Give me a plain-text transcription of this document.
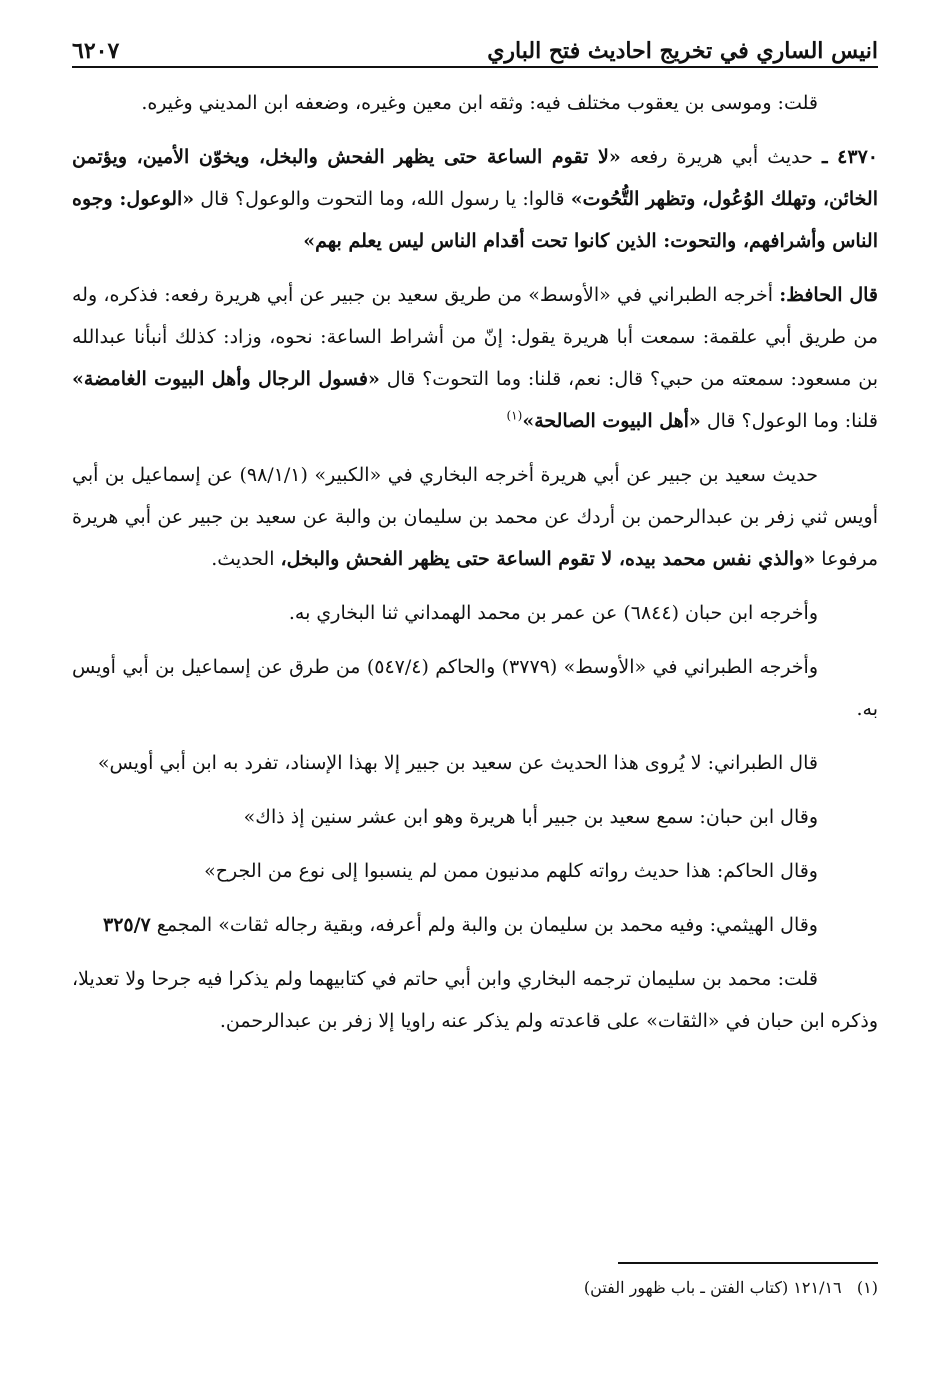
انيس الساري في تخريج احاديث فتح الباري
٦٢٠٧

قلت: وموسى بن يعقوب مختلف فيه: وثقه ابن معين وغيره، وضعفه ابن المديني وغيره.

٤٣٧٠ ـ حديث أبي هريرة رفعه «لا تقوم الساعة حتى يظهر الفحش والبخل، ويخوّن الأمين، ويؤتمن الخائن، وتهلك الوُعُول، وتظهر التُّحُوت» قالوا: يا رسول الله، وما التحوت والوعول؟ قال «الوعول: وجوه الناس وأشرافهم، والتحوت: الذين كانوا تحت أقدام الناس ليس يعلم بهم»

قال الحافظ: أخرجه الطبراني في «الأوسط» من طريق سعيد بن جبير عن أبي هريرة رفعه: فذكره، وله من طريق أبي علقمة: سمعت أبا هريرة يقول: إنّ من أشراط الساعة: نحوه، وزاد: كذلك أنبأنا عبدالله بن مسعود: سمعته من حبي؟ قال: نعم، قلنا: وما التحوت؟ قال «فسول الرجال وأهل البيوت الغامضة» قلنا: وما الوعول؟ قال «أهل البيوت الصالحة»$^{(١)}$

حديث سعيد بن جبير عن أبي هريرة أخرجه البخاري في «الكبير» (٩٨/١/١) عن إسماعيل بن أبي أويس ثني زفر بن عبدالرحمن بن أردك عن محمد بن سليمان بن والبة عن سعيد بن جبير عن أبي هريرة مرفوعا «والذي نفس محمد بيده، لا تقوم الساعة حتى يظهر الفحش والبخل، الحديث.

وأخرجه ابن حبان (٦٨٤٤) عن عمر بن محمد الهمداني ثنا البخاري به.

وأخرجه الطبراني في «الأوسط» (٣٧٧٩) والحاكم (٥٤٧/٤) من طرق عن إسماعيل بن أبي أويس به.

قال الطبراني: لا يُروى هذا الحديث عن سعيد بن جبير إلا بهذا الإسناد، تفرد به ابن أبي أويس»

وقال ابن حبان: سمع سعيد بن جبير أبا هريرة وهو ابن عشر سنين إذ ذاك»

وقال الحاكم: هذا حديث رواته كلهم مدنيون ممن لم ينسبوا إلى نوع من الجرح»

وقال الهيثمي: وفيه محمد بن سليمان بن والبة ولم أعرفه، وبقية رجاله ثقات» المجمع ٣٢٥/٧

قلت: محمد بن سليمان ترجمه البخاري وابن أبي حاتم في كتابيهما ولم يذكرا فيه جرحا ولا تعديلا، وذكره ابن حبان في «الثقات» على قاعدته ولم يذكر عنه راويا إلا زفر بن عبدالرحمن.

(١)   ١٢١/١٦ (كتاب الفتن ـ باب ظهور الفتن)
